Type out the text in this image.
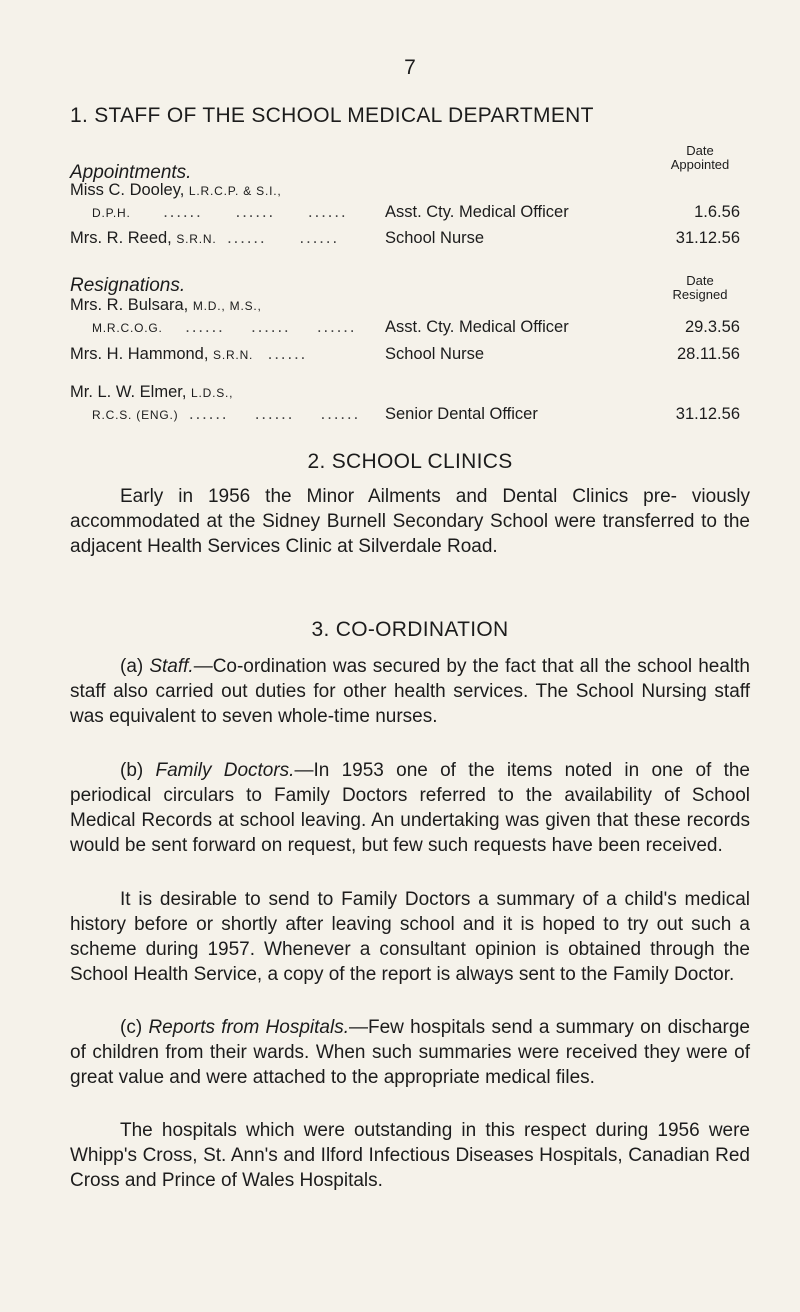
7
1. STAFF OF THE SCHOOL MEDICAL DEPARTMENT
Appointments.
Date
Appointed
Miss C. Dooley, L.R.C.P. & S.I.,
D.P.H. ......     ......     ...... Asst. Cty. Medical Officer	1.6.56
Mrs. R. Reed, S.R.N. ......     ......	School Nurse	31.12.56
Resignations.	Date
Resigned
Mrs. R. Bulsara, M.D., M.S.,
M.R.C.O.G. ......    ......    ...... Asst. Cty. Medical Officer	29.3.56
Mrs. H. Hammond, S.R.N. ......	School Nurse	28.11.56
Mr. L. W. Elmer, L.D.S.,
R.C.S. (ENG.) ......    ......    ...... Senior Dental Officer	31.12.56
2. SCHOOL CLINICS
Early in 1956 the Minor Ailments and Dental Clinics pre- viously accommodated at the Sidney Burnell Secondary School were transferred to the adjacent Health Services Clinic at Silverdale Road.
3. CO-ORDINATION
(a) Staff.—Co-ordination was secured by the fact that all the school health staff also carried out duties for other health services. The School Nursing staff was equivalent to seven whole-time nurses.
(b) Family Doctors.—In 1953 one of the items noted in one of the periodical circulars to Family Doctors referred to the availability of School Medical Records at school leaving. An undertaking was given that these records would be sent forward on request, but few such requests have been received.
It is desirable to send to Family Doctors a summary of a child's medical history before or shortly after leaving school and it is hoped to try out such a scheme during 1957. Whenever a consultant opinion is obtained through the School Health Service, a copy of the report is always sent to the Family Doctor.
(c) Reports from Hospitals.—Few hospitals send a summary on discharge of children from their wards. When such summaries were received they were of great value and were attached to the appropriate medical files.
The hospitals which were outstanding in this respect during 1956 were Whipp's Cross, St. Ann's and Ilford Infectious Diseases Hospitals, Canadian Red Cross and Prince of Wales Hospitals.
